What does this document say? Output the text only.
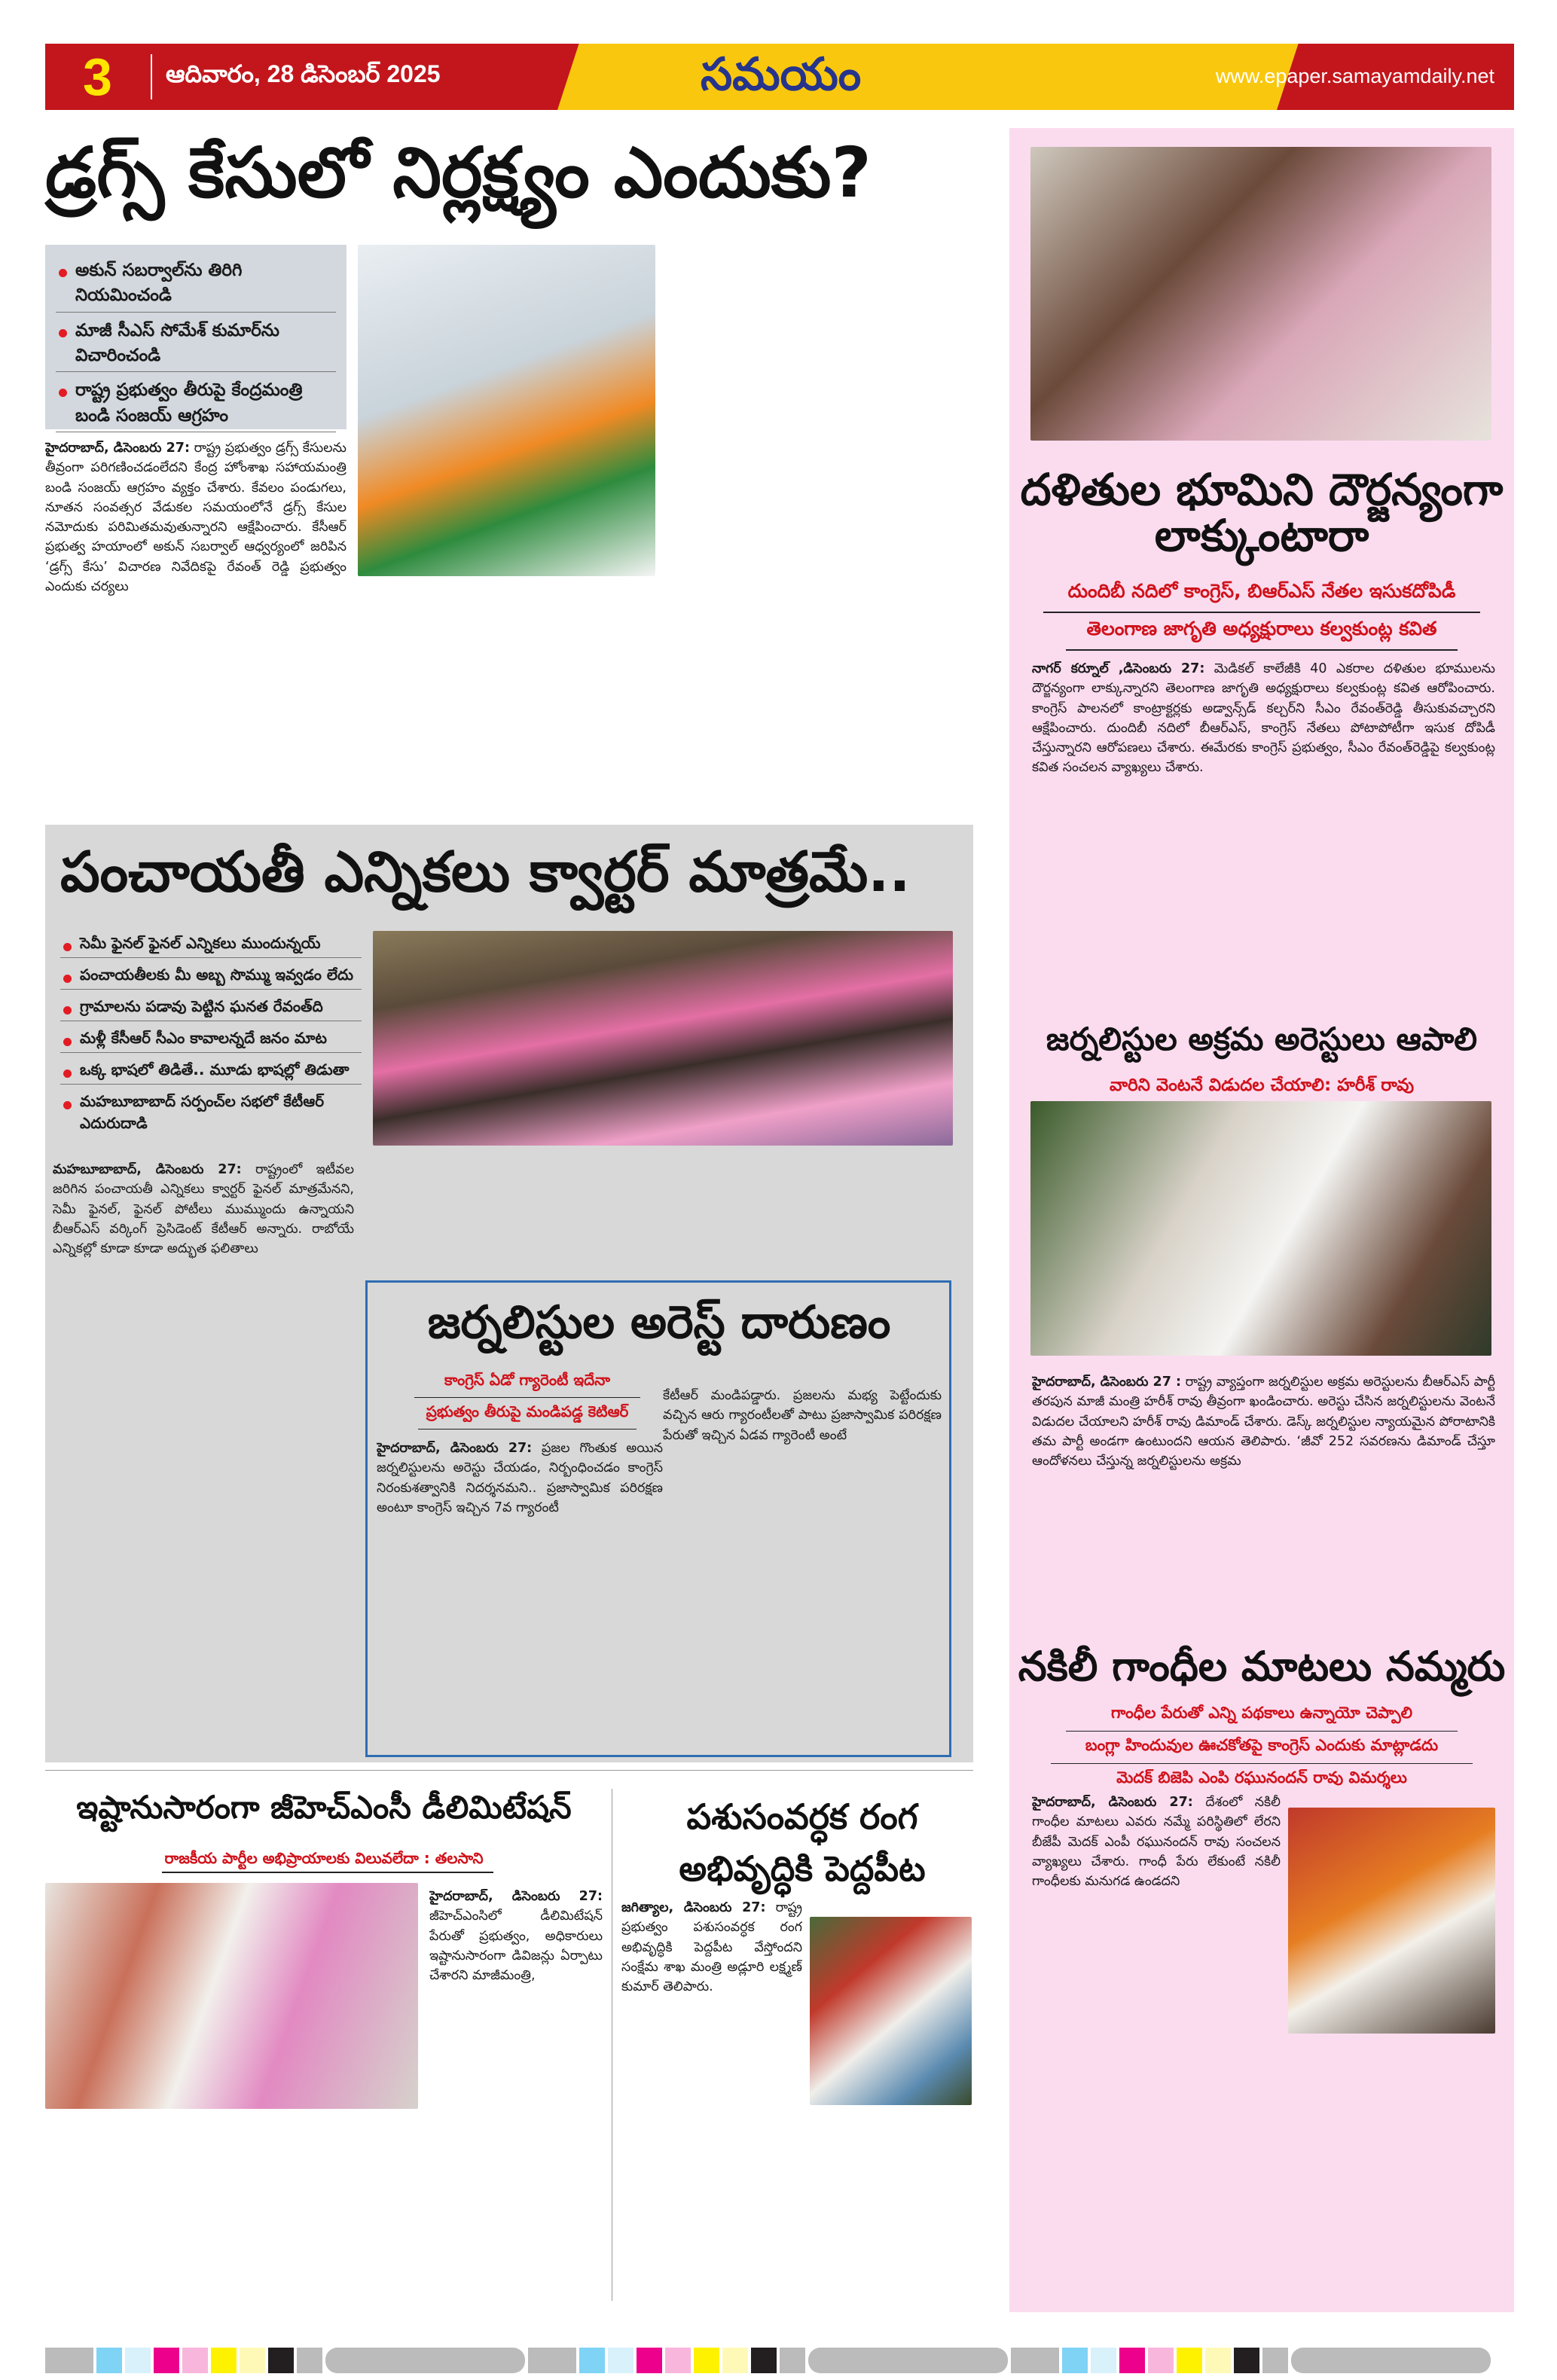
3 ఆదివారం, 28 డిసెంబర్ 2025	సమయం	www.epaper.samayamdaily.net
డ్రగ్స్ కేసులో నిర్లక్ష్యం ఎందుకు?
అకున్ సబర్వాల్‌ను తిరిగి నియమించండి
మాజీ సీఎస్ సోమేశ్ కుమార్‌ను విచారించండి
రాష్ట్ర ప్రభుత్వం తీరుపై కేంద్రమంత్రి బండి సంజయ్ ఆగ్రహం
హైదరాబాద్, డిసెంబరు 27: రాష్ట్ర ప్రభుత్వం డ్రగ్స్ కేసులను తీవ్రంగా పరిగణించడంలేదని కేంద్ర హోంశాఖ సహాయమంత్రి బండి సంజయ్ ఆగ్రహం వ్యక్తం చేశారు. కేవలం పండుగలు, నూతన సంవత్సర వేడుకల సమయంలోనే డ్రగ్స్ కేసుల నమోదుకు పరిమితమవుతున్నారని ఆక్షేపించారు. కేసీఆర్ ప్రభుత్వ హయాంలో అకున్ సబర్వాల్ ఆధ్వర్యంలో జరిపిన ‘డ్రగ్స్ కేసు’ విచారణ నివేదికపై రేవంత్ రెడ్డి ప్రభుత్వం ఎందుకు చర్యలు
దళితుల భూమిని దౌర్జన్యంగా లాక్కుంటారా
దుందిబీ నదిలో కాంగ్రెస్, బిఆర్ఎస్ నేతల ఇసుకదోపిడీ
తెలంగాణ జాగృతి అధ్యక్షురాలు కల్వకుంట్ల కవిత
నాగర్ కర్నూల్ ,డిసెంబరు 27: మెడికల్ కాలేజీకి 40 ఎకరాల దళితుల భూములను దౌర్జన్యంగా లాక్కున్నారని తెలంగాణ జాగృతి అధ్యక్షురాలు కల్వకుంట్ల కవిత ఆరోపించారు. కాంగ్రెస్ పాలనలో కాంట్రాక్టర్లకు అడ్వాన్స్‌డ్ కల్చర్‌ని సీఎం రేవంత్‌రెడ్డి తీసుకువచ్చారని ఆక్షేపించారు. దుందిబీ నదిలో బీఆర్ఎస్, కాంగ్రెస్ నేతలు పోటాపోటీగా ఇసుక దోపిడీ చేస్తున్నారని ఆరోపణలు చేశారు. ఈమేరకు కాంగ్రెస్ ప్రభుత్వం, సీఎం రేవంత్‌రెడ్డిపై కల్వకుంట్ల కవిత సంచలన వ్యాఖ్యలు చేశారు.
జర్నలిస్టుల అక్రమ అరెస్టులు ఆపాలి
వారిని వెంటనే విడుదల చేయాలి: హరీశ్ రావు
హైదరాబాద్, డిసెంబరు 27 : రాష్ట్ర వ్యాప్తంగా జర్నలిస్టుల అక్రమ అరెస్టులను బీఆర్ఎస్ పార్టీ తరపున మాజీ మంత్రి హరీశ్ రావు తీవ్రంగా ఖండించారు. అరెస్టు చేసిన జర్నలిస్టులను వెంటనే విడుదల చేయాలని హరీశ్ రావు డిమాండ్ చేశారు. డెస్క్ జర్నలిస్టుల న్యాయమైన పోరాటానికి తమ పార్టీ అండగా ఉంటుందని ఆయన తెలిపారు. ‘జీవో 252 సవరణను డిమాండ్ చేస్తూ ఆందోళనలు చేస్తున్న జర్నలిస్టులను అక్రమ
నకిలీ గాంధీల మాటలు నమ్మరు
గాంధీల పేరుతో ఎన్ని పథకాలు ఉన్నాయో చెప్పాలి
బంగ్లా హిందువుల ఊచకోతపై కాంగ్రెస్ ఎందుకు మాట్లాడదు
మెదక్ బిజెపి ఎంపి రఘునందన్ రావు విమర్శలు
హైదరాబాద్, డిసెంబరు 27: దేశంలో నకిలీ గాంధీల మాటలు ఎవరు నమ్మే పరిస్థితిలో లేరని బీజేపీ మెదక్ ఎంపీ రఘునందన్ రావు సంచలన వ్యాఖ్యలు చేశారు. గాంధీ పేరు లేకుంటే నకిలీ గాంధీలకు మనుగడ ఉండదని
పంచాయతీ ఎన్నికలు క్వార్టర్ మాత్రమే..
సెమీ ఫైనల్ ఫైనల్ ఎన్నికలు ముందున్నయ్
పంచాయతీలకు మీ అబ్బ సొమ్ము ఇవ్వడం లేదు
గ్రామాలను పడావు పెట్టిన ఘనత రేవంత్‌ది
మళ్లీ కేసీఆర్ సీఎం కావాలన్నదే జనం మాట
ఒక్క భాషలో తిడితే.. మూడు భాషల్లో తిడుతా
మహబూబాబాద్ సర్పంచ్‌ల సభలో కేటీఆర్ ఎదురుదాడి
మహబూబాబాద్, డిసెంబరు 27: రాష్ట్రంలో ఇటీవల జరిగిన పంచాయతీ ఎన్నికలు క్వార్టర్ ఫైనల్ మాత్రమేనని, సెమీ ఫైనల్, ఫైనల్ పోటీలు ముమ్ముందు ఉన్నాయని బీఆర్ఎస్ వర్కింగ్ ప్రెసిడెంట్ కేటీఆర్ అన్నారు. రాబోయే ఎన్నికల్లో కూడా కూడా అద్భుత ఫలితాలు
జర్నలిస్టుల అరెస్ట్ దారుణం
కాంగ్రెస్ ఏడో గ్యారెంటీ ఇదేనా
ప్రభుత్వం తీరుపై మండిపడ్డ కెటిఆర్
హైదరాబాద్, డిసెంబరు 27: ప్రజల గొంతుక అయిన జర్నలిస్టులను అరెస్టు చేయడం, నిర్బంధించడం కాంగ్రెస్ నిరంకుశత్వానికి నిదర్శనమని.. ప్రజాస్వామిక పరిరక్షణ అంటూ కాంగ్రెస్ ఇచ్చిన 7వ గ్యారంటీ
కేటీఆర్ మండిపడ్డారు. ప్రజలను మభ్య పెట్టేందుకు వచ్చిన ఆరు గ్యారంటీలతో పాటు ప్రజాస్వామిక పరిరక్షణ పేరుతో ఇచ్చిన ఏడవ గ్యారెంటీ అంటే
ఇష్టానుసారంగా జీహెచ్ఎంసీ డీలిమిటేషన్
రాజకీయ పార్టీల అభిప్రాయాలకు విలువలేదా : తలసాని
హైదరాబాద్, డిసెంబరు 27: జీహెచ్ఎంసిలో డీలిమిటేషన్ పేరుతో ప్రభుత్వం, అధికారులు ఇష్టానుసారంగా డివిజన్లు ఏర్పాటు చేశారని మాజీమంత్రి,
పశుసంవర్ధక రంగ అభివృద్ధికి పెద్దపీట
జగిత్యాల, డిసెంబరు 27: రాష్ట్ర ప్రభుత్వం పశుసంవర్ధక రంగ అభివృద్ధికి పెద్దపీట వేస్తోందని సంక్షేమ శాఖ మంత్రి అడ్లూరి లక్ష్మణ్ కుమార్ తెలిపారు.
